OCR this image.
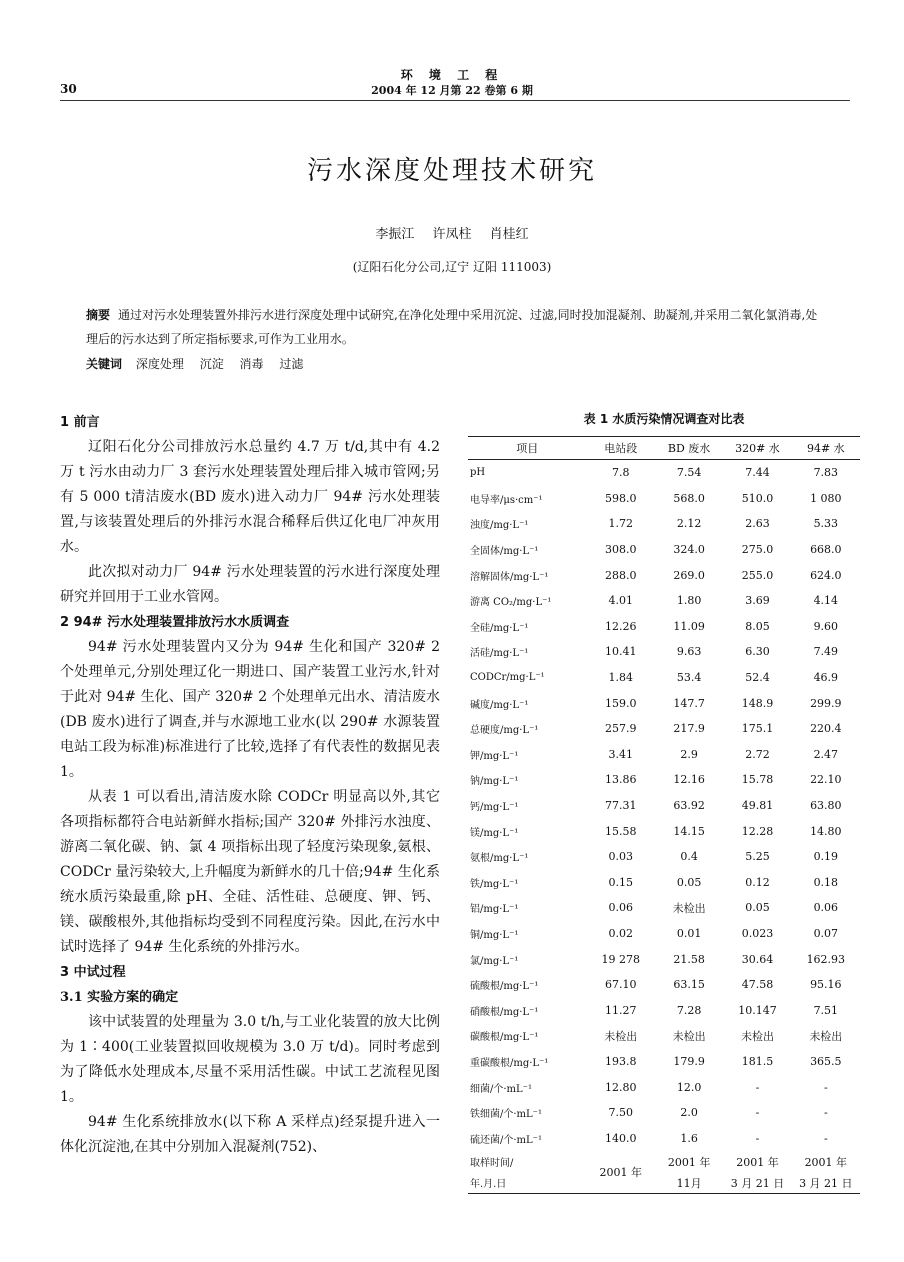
30
环 境 工 程
2004 年 12 月第 22 卷第 6 期
污水深度处理技术研究
李振江 许凤柱 肖桂红
(辽阳石化分公司,辽宁 辽阳 111003)
摘要 通过对污水处理装置外排污水进行深度处理中试研究,在净化处理中采用沉淀、过滤,同时投加混凝剂、助凝剂,并采用二氧化氯消毒,处理后的污水达到了所定指标要求,可作为工业用水。
关键词 深度处理 沉淀 消毒 过滤

1 前言

辽阳石化分公司排放污水总量约 4.7 万 t/d,其中有 4.2 万 t 污水由动力厂 3 套污水处理装置处理后排入城市管网;另有 5 000 t清洁废水(BD 废水)进入动力厂 94# 污水处理装置,与该装置处理后的外排污水混合稀释后供辽化电厂冲灰用水。

此次拟对动力厂 94# 污水处理装置的污水进行深度处理研究并回用于工业水管网。

2 94# 污水处理装置排放污水水质调查

94# 污水处理装置内又分为 94# 生化和国产 320# 2 个处理单元,分别处理辽化一期进口、国产装置工业污水,针对于此对 94# 生化、国产 320# 2 个处理单元出水、清洁废水(DB 废水)进行了调查,并与水源地工业水(以 290# 水源装置电站工段为标准)标准进行了比较,选择了有代表性的数据见表 1。

从表 1 可以看出,清洁废水除 CODCr 明显高以外,其它各项指标都符合电站新鲜水指标;国产 320# 外排污水浊度、游离二氧化碳、钠、氯 4 项指标出现了轻度污染现象,氨根、CODCr 量污染较大,上升幅度为新鲜水的几十倍;94# 生化系统水质污染最重,除 pH、全硅、活性硅、总硬度、钾、钙、镁、碳酸根外,其他指标均受到不同程度污染。因此,在污水中试时选择了 94# 生化系统的外排污水。

3 中试过程

3.1 实验方案的确定

该中试装置的处理量为 3.0 t/h,与工业化装置的放大比例为 1∶400(工业装置拟回收规模为 3.0 万 t/d)。同时考虑到为了降低水处理成本,尽量不采用活性碳。中试工艺流程见图 1。

94# 生化系统排放水(以下称 A 采样点)经泵提升进入一体化沉淀池,在其中分别加入混凝剂(752)、

表 1 水质污染情况调查对比表
项目	电站段	BD 废水	320# 水	94# 水
pH	7.8	7.54	7.44	7.83
电导率/μs·cm⁻¹	598.0	568.0	510.0	1 080
浊度/mg·L⁻¹	1.72	2.12	2.63	5.33
全固体/mg·L⁻¹	308.0	324.0	275.0	668.0
溶解固体/mg·L⁻¹	288.0	269.0	255.0	624.0
游离 CO₂/mg·L⁻¹	4.01	1.80	3.69	4.14
全硅/mg·L⁻¹	12.26	11.09	8.05	9.60
活硅/mg·L⁻¹	10.41	9.63	6.30	7.49
CODCr/mg·L⁻¹	1.84	53.4	52.4	46.9
碱度/mg·L⁻¹	159.0	147.7	148.9	299.9
总硬度/mg·L⁻¹	257.9	217.9	175.1	220.4
钾/mg·L⁻¹	3.41	2.9	2.72	2.47
钠/mg·L⁻¹	13.86	12.16	15.78	22.10
钙/mg·L⁻¹	77.31	63.92	49.81	63.80
镁/mg·L⁻¹	15.58	14.15	12.28	14.80
氨根/mg·L⁻¹	0.03	0.4	5.25	0.19
铁/mg·L⁻¹	0.15	0.05	0.12	0.18
铝/mg·L⁻¹	0.06	未检出	0.05	0.06
铜/mg·L⁻¹	0.02	0.01	0.023	0.07
氯/mg·L⁻¹	19 278	21.58	30.64	162.93
硫酸根/mg·L⁻¹	67.10	63.15	47.58	95.16
硝酸根/mg·L⁻¹	11.27	7.28	10.147	7.51
碳酸根/mg·L⁻¹	未检出	未检出	未检出	未检出
重碳酸根/mg·L⁻¹	193.8	179.9	181.5	365.5
细菌/个·mL⁻¹	12.80	12.0	-	-
铁细菌/个·mL⁻¹	7.50	2.0	-	-
硫还菌/个·mL⁻¹	140.0	1.6	-	-
取样时间/	2001 年	2001 年	2001 年	2001 年
年.月.日		11月	3 月 21 日	3 月 21 日
